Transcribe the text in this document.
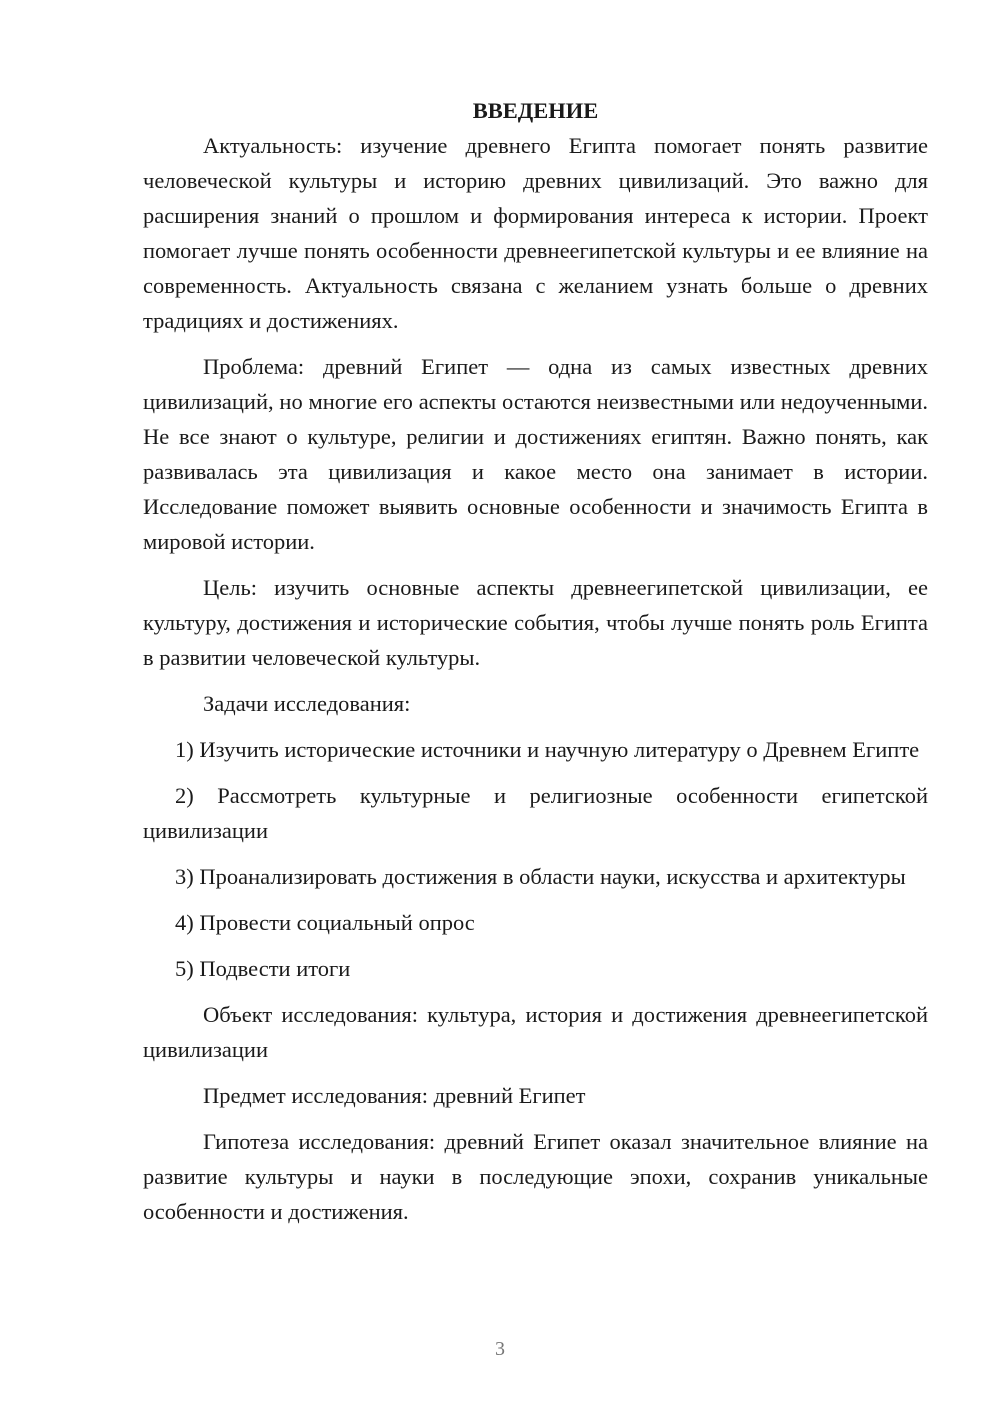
ВВЕДЕНИЕ

Актуальность: изучение древнего Египта помогает понять развитие человеческой культуры и историю древних цивилизаций. Это важно для расширения знаний о прошлом и формирования интереса к истории. Проект помогает лучше понять особенности древнеегипетской культуры и ее влияние на современность. Актуальность связана с желанием узнать больше о древних традициях и достижениях.

Проблема: древний Египет — одна из самых известных древних цивилизаций, но многие его аспекты остаются неизвестными или недоученными. Не все знают о культуре, религии и достижениях египтян. Важно понять, как развивалась эта цивилизация и какое место она занимает в истории. Исследование поможет выявить основные особенности и значимость Египта в мировой истории.

Цель: изучить основные аспекты древнеегипетской цивилизации, ее культуру, достижения и исторические события, чтобы лучше понять роль Египта в развитии человеческой культуры.

Задачи исследования:

1) Изучить исторические источники и научную литературу о Древнем Египте

2) Рассмотреть культурные и религиозные особенности египетской цивилизации

3) Проанализировать достижения в области науки, искусства и архитектуры

4) Провести социальный опрос

5) Подвести итоги

Объект исследования: культура, история и достижения древнеегипетской цивилизации

Предмет исследования: древний Египет

Гипотеза исследования: древний Египет оказал значительное влияние на развитие культуры и науки в последующие эпохи, сохранив уникальные особенности и достижения.

3
